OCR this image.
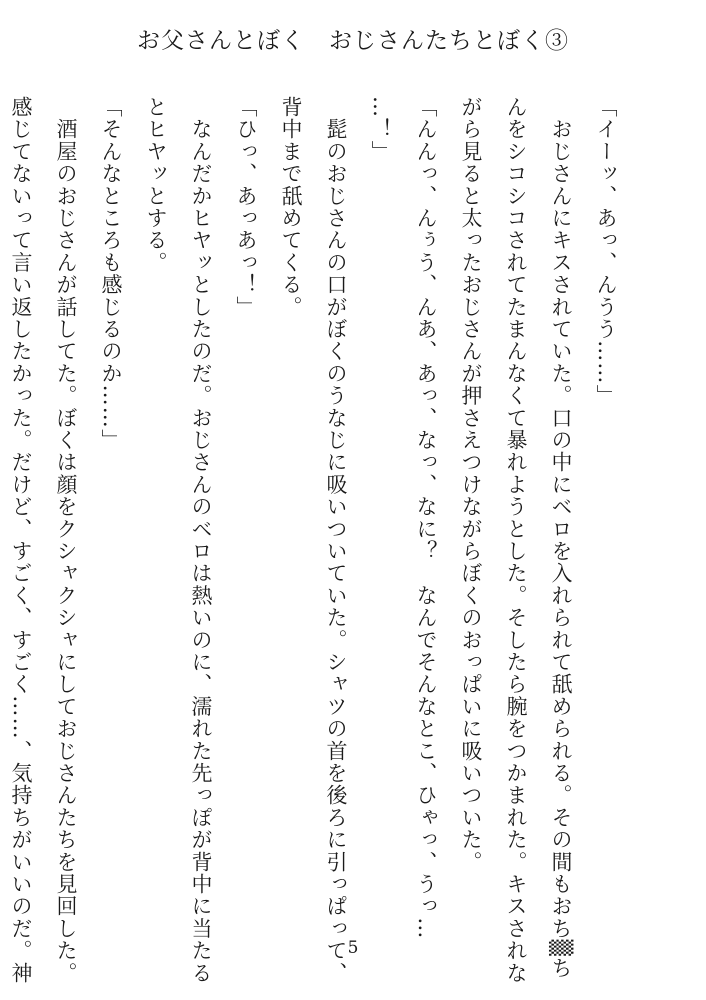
お父さんとぼく　おじさんたちとぼく③
「イーッ、あっ、んうう……」
　おじさんにキスされていた。口の中にベロを入れられて舐められる。その間もおち▒ち
んをシコシコされてたまんなくて暴れようとした。そしたら腕をつかまれた。キスされな
がら見ると太ったおじさんが押さえつけながらぼくのおっぱいに吸いついた。
「んんっ、んぅう、んあ、あっ、なっ、なに？　なんでそんなとこ、ひゃっ、うっ…
…！」
　髭のおじさんの口がぼくのうなじに吸いついていた。シャツの首を後ろに引っぱって、
背中まで舐めてくる。
「ひっ、あっあっ！」
　なんだかヒヤッとしたのだ。おじさんのベロは熱いのに、濡れた先っぽが背中に当たる
とヒヤッとする。
「そんなところも感じるのか……」
　酒屋のおじさんが話してた。ぼくは顔をクシャクシャにしておじさんたちを見回した。
感じてないって言い返したかった。だけど、すごく、すごく……、気持ちがいいのだ。神	5
